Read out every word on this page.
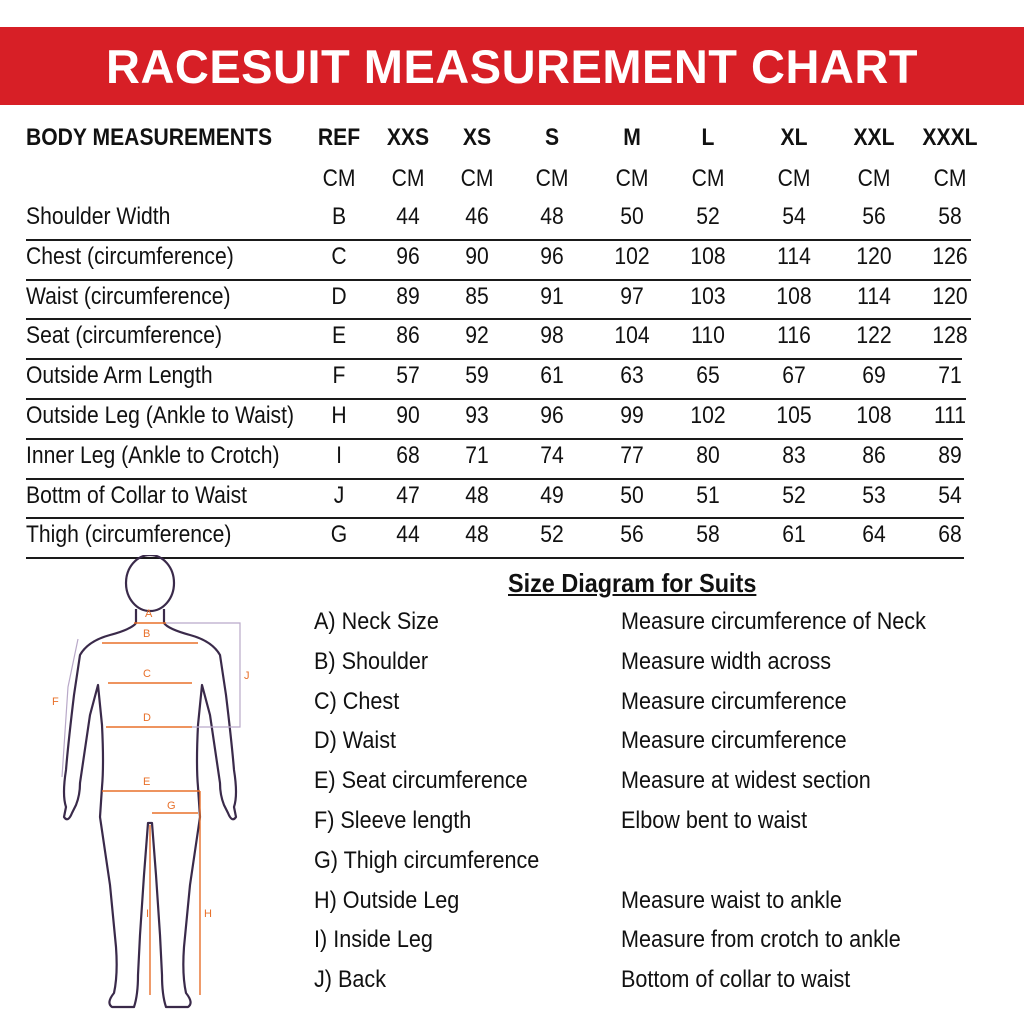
RACESUIT MEASUREMENT CHART
BODY MEASUREMENTS REF XXS XS S	M	L	XL XXL XXXL
CM CM CM CM CM CM CM CM CM
Shoulder Width	B 44 46 48 50 52	54 56 58
Chest (circumference)	C 96 90 96 102 108 114 120 126
Waist (circumference)	D 89 85 91 97 103 108 114 120
Seat (circumference)	E 86 92 98 104 110 116 122 128
Outside Arm Length	F 57 59 61 63 65	67 69 71
Outside Leg (Ankle to Waist) H 90 93 96 99 102 105 108 111
Inner Leg (Ankle to Crotch) I 68 71 74 77 80	83 86 89
Bottm of Collar to Waist	J 47 48 49 50 51	52 53 54
Thigh (circumference)	G 44 48 52 56 58	61 64 68
Size Diagram for Suits
A) Neck Size	Measure circumference of Neck
B) Shoulder	Measure width across
C) Chest	Measure circumference
D) Waist	Measure circumference
E) Seat circumference	Measure at widest section
F) Sleeve length	Elbow bent to waist
G) Thigh circumference
H) Outside Leg	Measure waist to ankle
I) Inside Leg	Measure from crotch to ankle
J) Back	Bottom of collar to waist
A
B
C
D
E
F
G
H
I
J
